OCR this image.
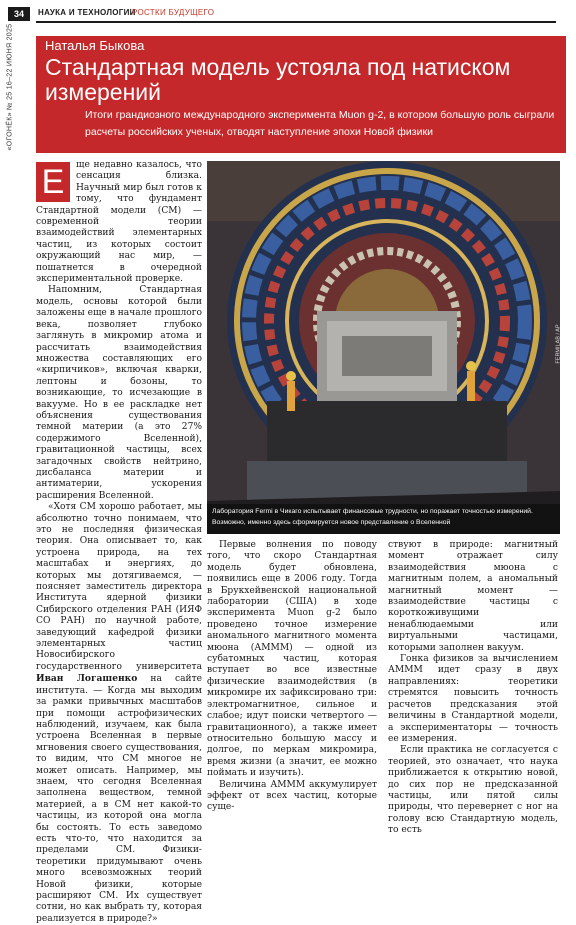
34	НАУКА И ТЕХНОЛОГИИ
РОСТКИ БУДУЩЕГО
«ОГОНЁК» № 25 16–22 ИЮНЯ 2025 Наталья Быкова
Стандартная модель устояла под натиском измерений
Итоги грандиозного международного эксперимента Muon g-2, в котором большую роль сыграли расчеты российских ученых, отводят наступление эпохи Новой физики
Е	ще недавно казалось, что сенсация близка. Научный мир был готов к тому, что фундамент Стандартной модели (СМ) — современной теории взаимодействий элементарных частиц, из которых состоит окружающий нас мир, — пошатнется в очередной экспериментальной проверке.

Напомним, Стандартная модель, основы которой были заложены еще в начале прошлого века, позволяет глубоко заглянуть в микромир атома и рассчитать взаимодействия множества составляющих его «кирпичиков», включая кварки, лептоны и бозоны, то возникающие, то исчезающие в вакууме. Но в ее раскладке нет объяснения существования темной материи (а это 27% содержимого Вселенной), гравитационной частицы, всех загадочных свойств нейтрино, дисбаланса материи и антиматерии, ускорения расширения Вселенной.

«Хотя СМ хорошо работает, мы абсолютно точно понимаем, что это не последняя физическая теория. Она описывает то, как устроена природа, на тех масштабах и энергиях, до которых мы дотягиваемся, — поясняет заместитель директора Института ядерной физики Сибирского отделения РАН (ИЯФ СО РАН) по научной работе, заведующий кафедрой физики элементарных частиц Новосибирского государственного университета Иван Логашенко на сайте института. — Когда мы выходим за рамки привычных масштабов при помощи астрофизических наблюдений, изучаем, как была устроена Вселенная в первые мгновения своего существования, то видим, что СМ многое не может описать. Например, мы знаем, что сегодня Вселенная заполнена веществом, темной материей, а в СМ нет какой-то частицы, из которой она могла бы состоять. То есть заведомо есть что-то, что находится за пределами СМ. Физики-теоретики придумывают очень много всевозможных теорий Новой физики, которые расширяют СМ. Их существует сотни, но как выбрать ту, которая реализуется в природе?»

FERMILAB / AP
Лаборатория Fermi в Чикаго испытывает финансовые трудности, но поражает точностью измерений. Возможно, именно здесь сформируется новое представление о Вселенной

Первые волнения по поводу того, что скоро Стандартная модель будет обновлена, появились еще в 2006 году. Тогда в Брукхейвенской национальной лаборатории (США) в ходе эксперимента Muon g-2 было проведено точное измерение аномального магнитного момента мюона (АММM) — одной из субатомных частиц, которая вступает во все известные физические взаимодействия (в микромире их зафиксировано три: электромагнитное, сильное и слабое; идут поиски четвертого — гравитационного), а также имеет относительно большую массу и долгое, по меркам микромира, время жизни (а значит, ее можно поймать и изучить).

Величина АММM аккумулирует эффект от всех частиц, которые суще-

ствуют в природе: магнитный момент отражает силу взаимодействия мюона с магнитным полем, а аномальный магнитный момент — взаимодействие частицы с короткоживущими ненаблюдаемыми или виртуальными частицами, которыми заполнен вакуум.

Гонка физиков за вычислением АММM идет сразу в двух направлениях: теоретики стремятся повысить точность расчетов предсказания этой величины в Стандартной модели, а экспериментаторы — точность ее измерения.

Если практика не согласуется с теорией, это означает, что наука приближается к открытию новой, до сих пор не предсказанной частицы, или пятой силы природы, что перевернет с ног на голову всю Стандартную модель, то есть
